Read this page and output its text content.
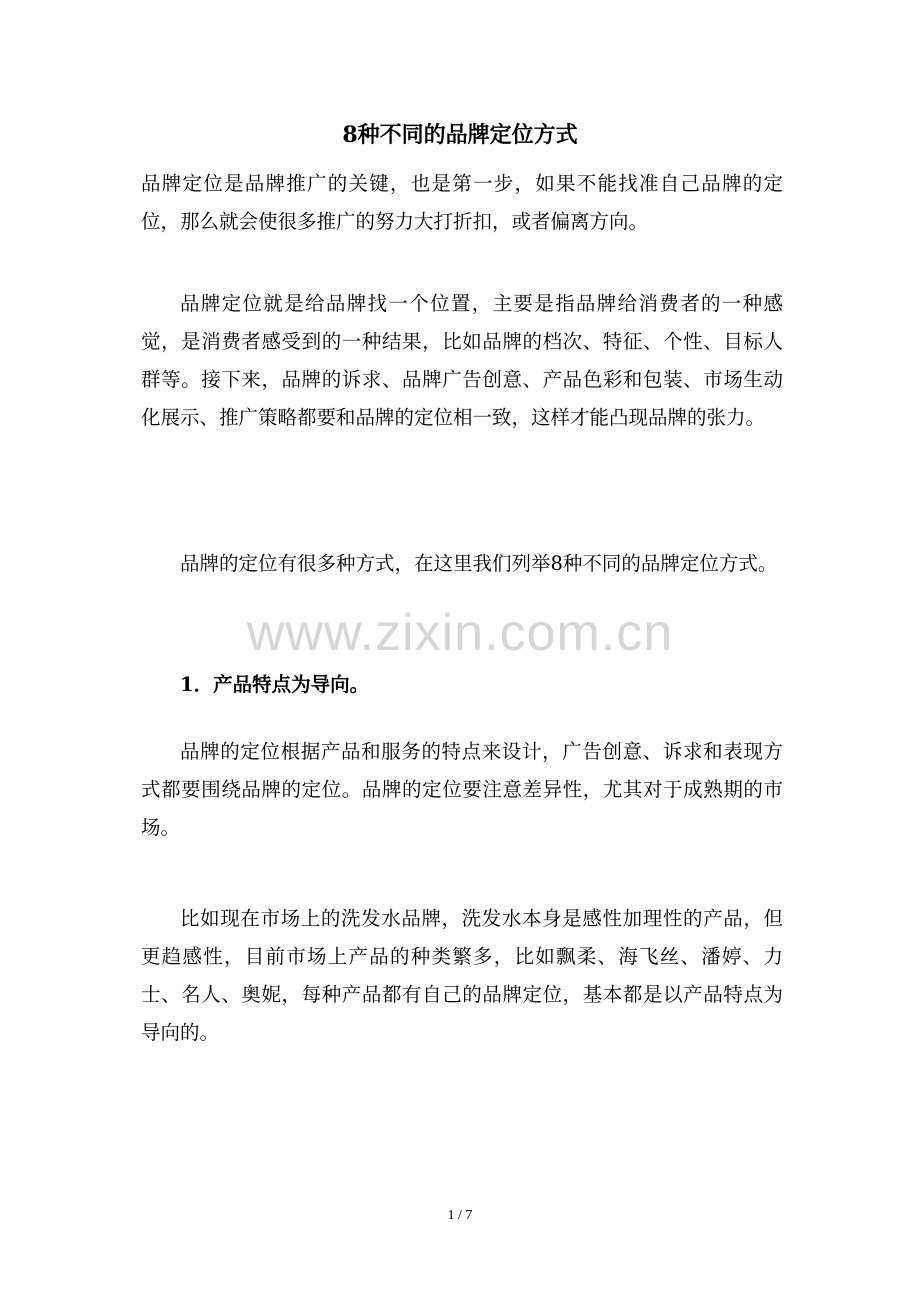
www.zixin.com.cn
8种不同的品牌定位方式

品牌定位是品牌推广的关键，也是第一步，如果不能找准自己品牌的定位，那么就会使很多推广的努力大打折扣，或者偏离方向。

品牌定位就是给品牌找一个位置，主要是指品牌给消费者的一种感觉，是消费者感受到的一种结果，比如品牌的档次、特征、个性、目标人群等。接下来，品牌的诉求、品牌广告创意、产品色彩和包装、市场生动化展示、推广策略都要和品牌的定位相一致，这样才能凸现品牌的张力。

品牌的定位有很多种方式，在这里我们列举8种不同的品牌定位方式。

1．产品特点为导向。

品牌的定位根据产品和服务的特点来设计，广告创意、诉求和表现方式都要围绕品牌的定位。品牌的定位要注意差异性，尤其对于成熟期的市场。

比如现在市场上的洗发水品牌，洗发水本身是感性加理性的产品，但更趋感性，目前市场上产品的种类繁多，比如飘柔、海飞丝、潘婷、力士、名人、奥妮，每种产品都有自己的品牌定位，基本都是以产品特点为导向的。

1 / 7
